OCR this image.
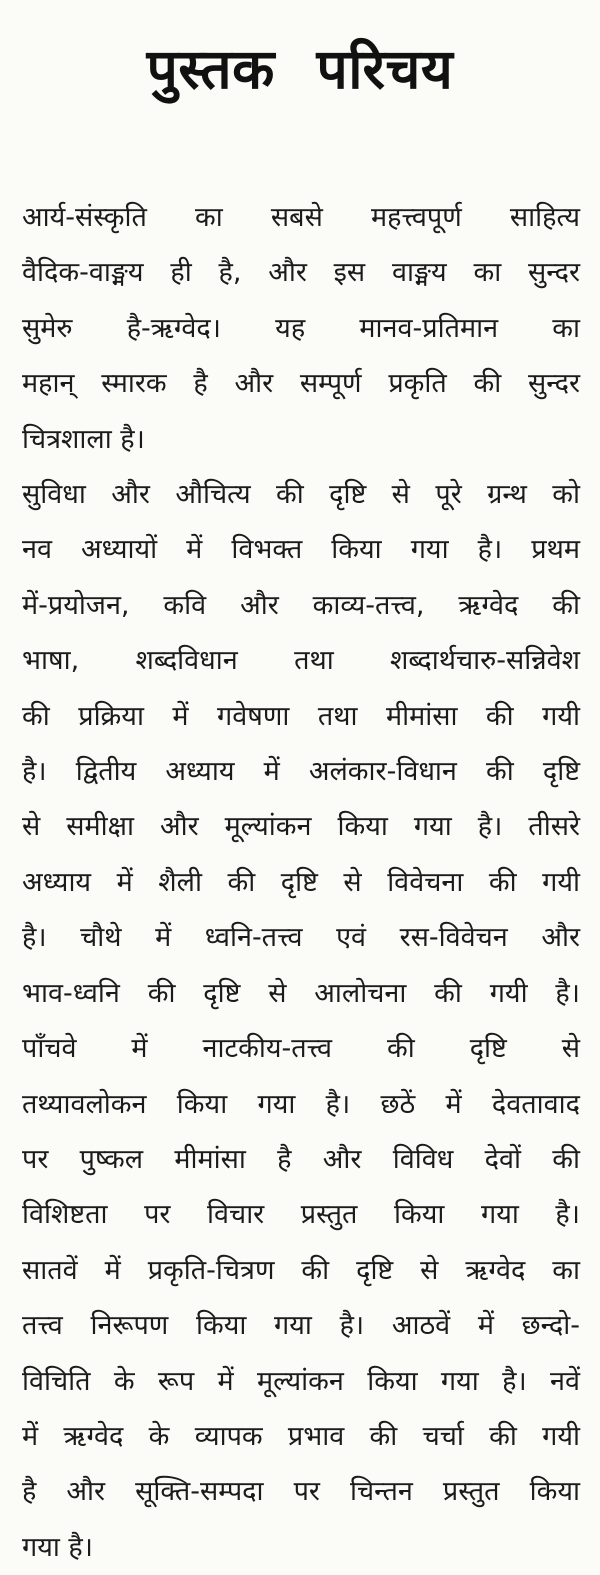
पुस्तक परिचय
आर्य-संस्कृति का सबसे महत्त्वपूर्ण साहित्य
वैदिक-वाङ्मय ही है, और इस वाङ्मय का सुन्दर
सुमेरु है-ऋग्वेद। यह मानव-प्रतिमान का
महान् स्मारक है और सम्पूर्ण प्रकृति की सुन्दर
चित्रशाला है।
सुविधा और औचित्य की दृष्टि से पूरे ग्रन्थ को
नव अध्यायों में विभक्त किया गया है। प्रथम
में-प्रयोजन, कवि और काव्य-तत्त्व, ऋग्वेद की
भाषा, शब्दविधान तथा शब्दार्थचारु-सन्निवेश
की प्रक्रिया में गवेषणा तथा मीमांसा की गयी
है। द्वितीय अध्याय में अलंकार-विधान की दृष्टि
से समीक्षा और मूल्यांकन किया गया है। तीसरे
अध्याय में शैली की दृष्टि से विवेचना की गयी
है। चौथे में ध्वनि-तत्त्व एवं रस-विवेचन और
भाव-ध्वनि की दृष्टि से आलोचना की गयी है।
पाँचवे में नाटकीय-तत्त्व की दृष्टि से
तथ्यावलोकन किया गया है। छठें में देवतावाद
पर पुष्कल मीमांसा है और विविध देवों की
विशिष्टता पर विचार प्रस्तुत किया गया है।
सातवें में प्रकृति-चित्रण की दृष्टि से ऋग्वेद का
तत्त्व निरूपण किया गया है। आठवें में छन्दो-
विचिति के रूप में मूल्यांकन किया गया है। नवें
में ऋग्वेद के व्यापक प्रभाव की चर्चा की गयी
है और सूक्ति-सम्पदा पर चिन्तन प्रस्तुत किया
गया है।
